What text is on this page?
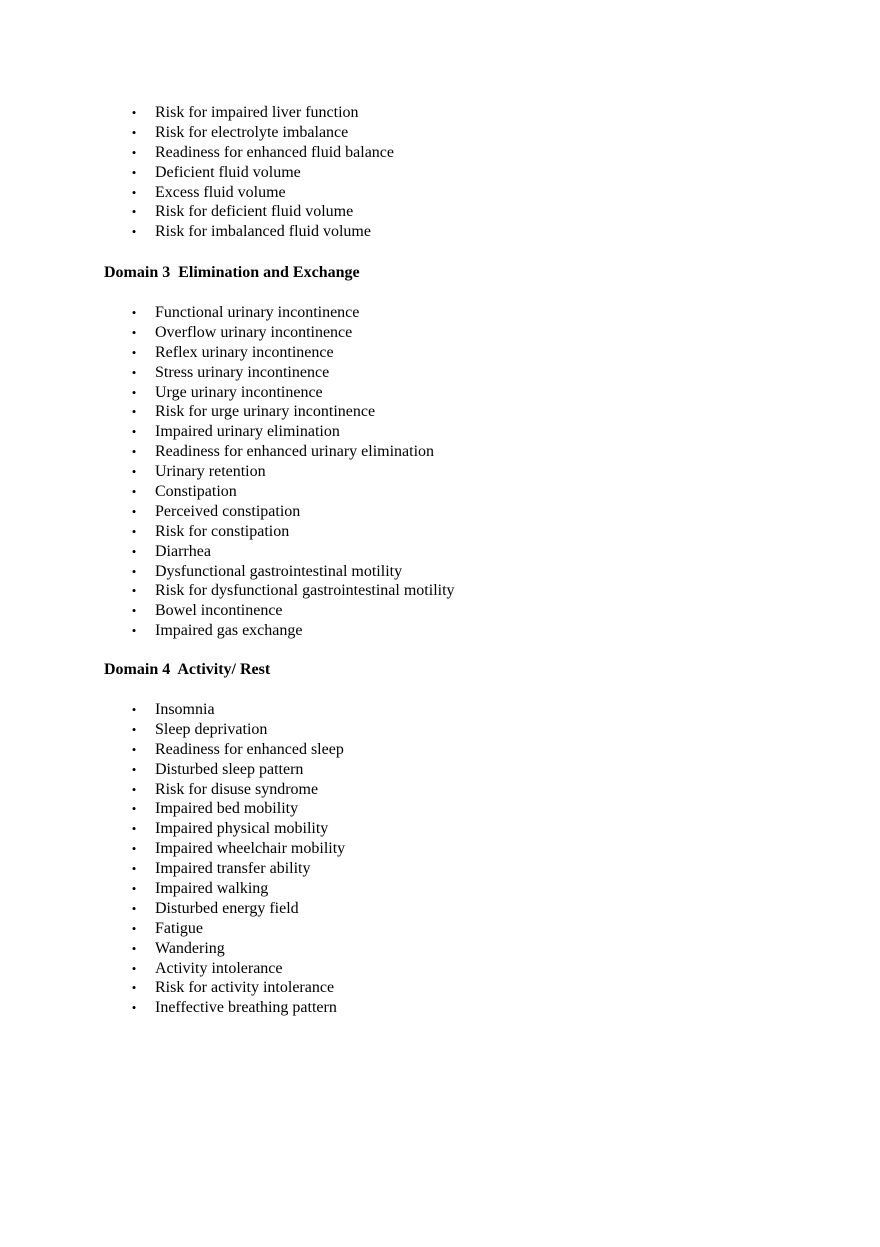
• Risk for impaired liver function
• Risk for electrolyte imbalance
• Readiness for enhanced fluid balance
• Deficient fluid volume
• Excess fluid volume
• Risk for deficient fluid volume
• Risk for imbalanced fluid volume
Domain 3  Elimination and Exchange
• Functional urinary incontinence
• Overflow urinary incontinence
• Reflex urinary incontinence
• Stress urinary incontinence
• Urge urinary incontinence
• Risk for urge urinary incontinence
• Impaired urinary elimination
• Readiness for enhanced urinary elimination
• Urinary retention
• Constipation
• Perceived constipation
• Risk for constipation
• Diarrhea
• Dysfunctional gastrointestinal motility
• Risk for dysfunctional gastrointestinal motility
• Bowel incontinence
• Impaired gas exchange
Domain 4  Activity/ Rest
• Insomnia
• Sleep deprivation
• Readiness for enhanced sleep
• Disturbed sleep pattern
• Risk for disuse syndrome
• Impaired bed mobility
• Impaired physical mobility
• Impaired wheelchair mobility
• Impaired transfer ability
• Impaired walking
• Disturbed energy field
• Fatigue
• Wandering
• Activity intolerance
• Risk for activity intolerance
• Ineffective breathing pattern
